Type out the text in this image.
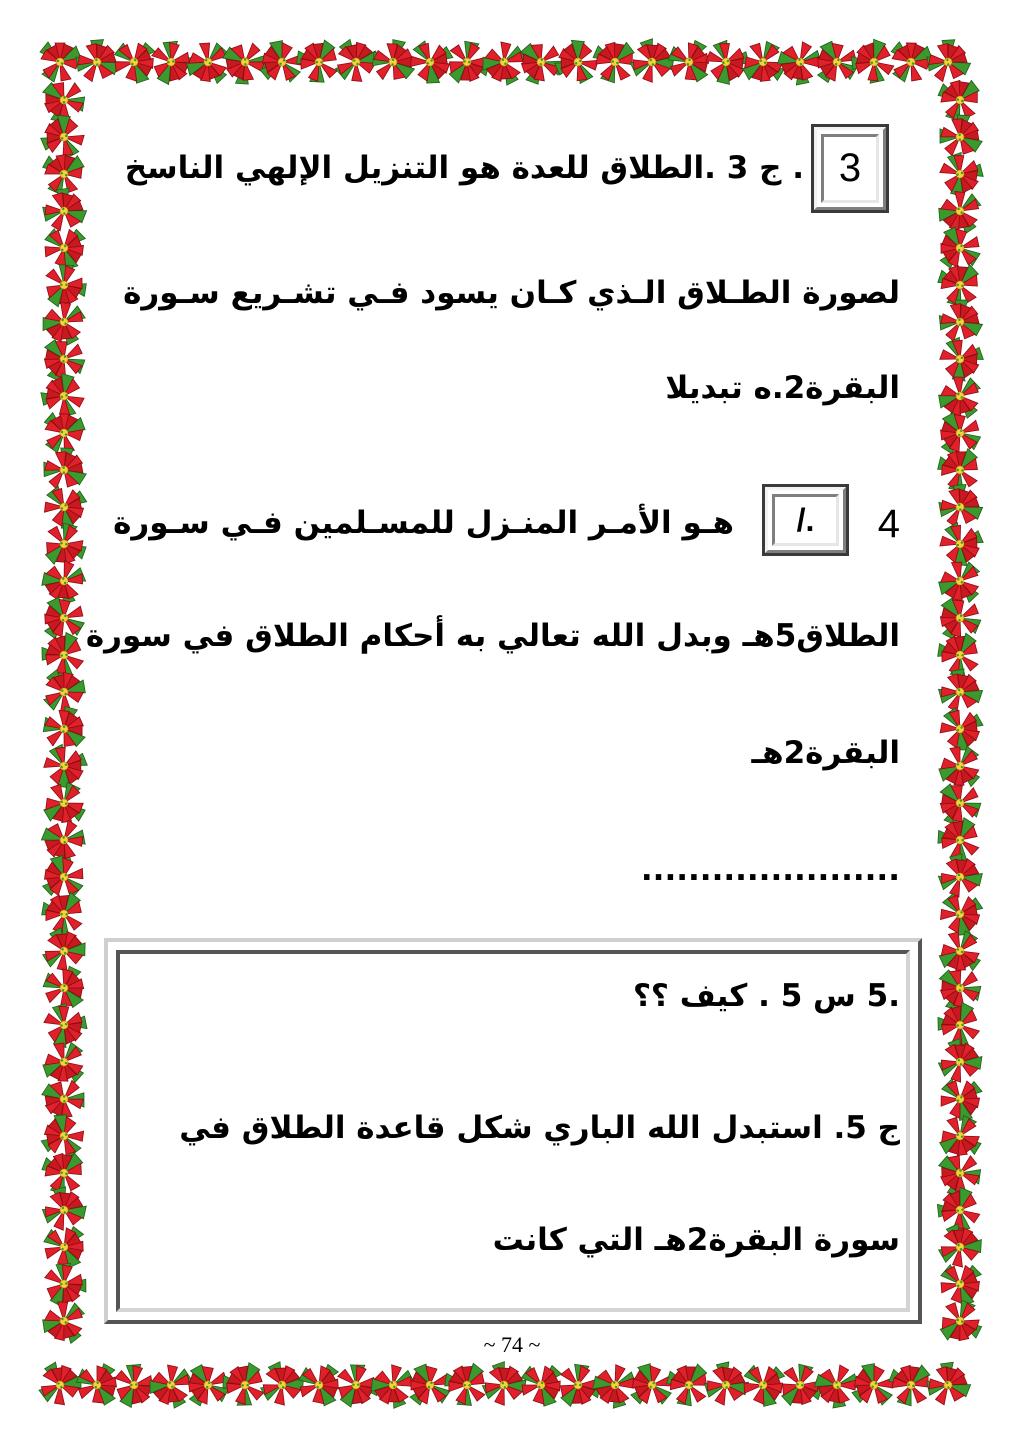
3
. ج 3 .الطلاق للعدة هو التنزيل الإلهي الناسخ
لصورة الطـلاق الـذي كـان يسود فـي تشـريع سـورة
البقرة2.ه تبديلا
4
/.
هـو الأمـر المنـزل للمسـلمين فـي سـورة
الطلاق5هـ وبدل الله تعالي به أحكام الطلاق في سورة
البقرة2هـ
......................
.5 س 5 . كيف ؟؟
ج 5. استبدل الله الباري شكل قاعدة الطلاق في
سورة البقرة2هـ التي كانت
~ 74 ~
